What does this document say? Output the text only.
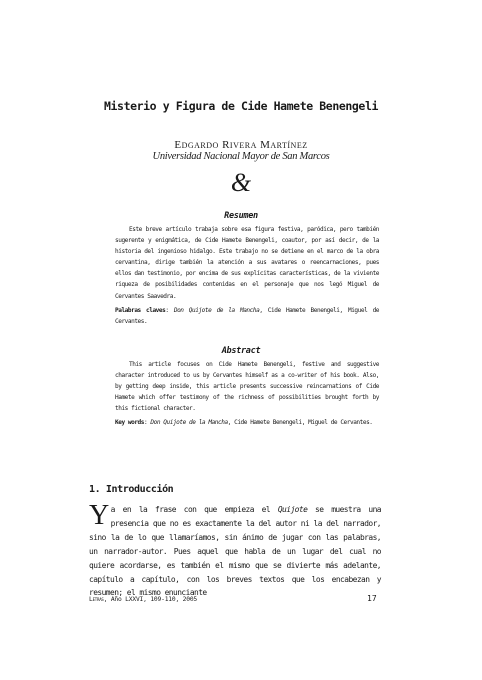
Misterio y Figura de Cide Hamete Benengeli
Edgardo Rivera Martínez
Universidad Nacional Mayor de San Marcos
&
Resumen

Este breve artículo trabaja sobre esa figura festiva, paródica, pero también sugerente y enigmática, de Cide Hamete Benengeli, coautor, por así decir, de la historia del ingenioso hidalgo. Este trabajo no se detiene en el marco de la obra cervantina, dirige también la atención a sus avatares o reencarnaciones, pues ellos dan testimonio, por encima de sus explícitas características, de la viviente riqueza de posibilidades contenidas en el personaje que nos legó Miguel de Cervantes Saavedra.

Palabras claves: Don Quijote de la Mancha, Cide Hamete Benengeli, Miguel de Cervantes.
Abstract

This article focuses on Cide Hamete Benengeli, festive and suggestive character introduced to us by Cervantes himself as a co-writer of his book. Also, by getting deep inside, this article presents successive reincarnations of Cide Hamete which offer testimony of the richness of possibilities brought forth by this fictional character.

Key words: Don Quijote de la Mancha, Cide Hamete Benengeli, Miguel de Cervantes.
1. Introducción
Ya en la frase con que empieza el Quijote se muestra una presencia que no es exactamente la del autor ni la del narrador, sino la de lo que llamaríamos, sin ánimo de jugar con las palabras, un narrador-autor. Pues aquel que habla de un lugar del cual no quiere acordarse, es también el mismo que se divierte más adelante, capítulo a capítulo, con los breves textos que los encabezan y resumen; el mismo enunciante
Letras, Año LXXVI, 109-110, 2005	17
